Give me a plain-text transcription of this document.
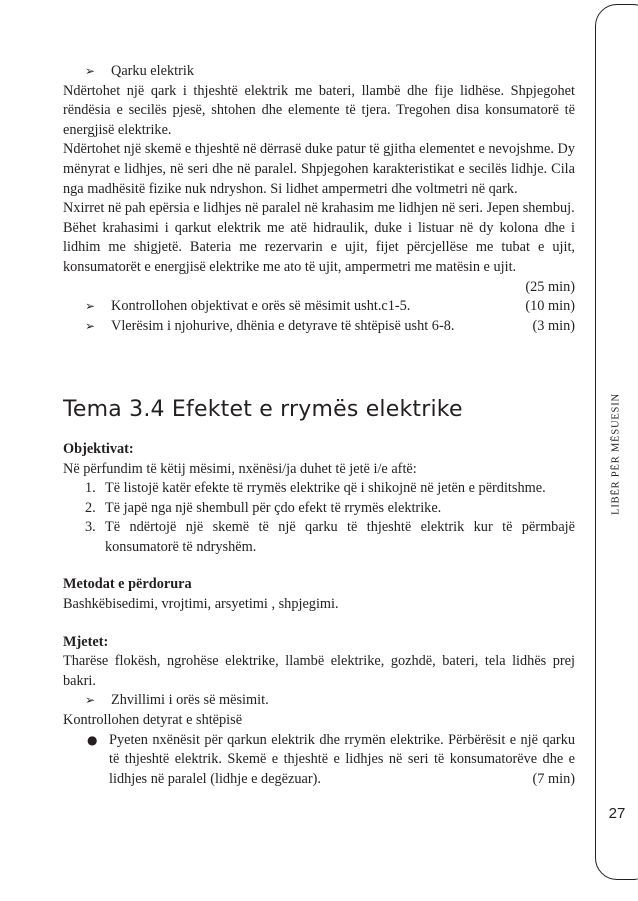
LIBËR PËR MËSUESIN
27
➢	Qarku elektrik
Ndërtohet një qark i thjeshtë elektrik me bateri, llambë dhe fije lidhëse. Shpjegohet rëndësia e secilës pjesë, shtohen dhe elemente të tjera. Tregohen disa konsumatorë të energjisë elektrike.
Ndërtohet një skemë e thjeshtë në dërrasë duke patur të gjitha elementet e nevojshme. Dy mënyrat e lidhjes, në seri dhe në paralel. Shpjegohen karakteristikat e secilës lidhje. Cila nga madhësitë fizike nuk ndryshon. Si lidhet ampermetri dhe voltmetri në qark.
Nxirret në pah epërsia e lidhjes në paralel në krahasim me lidhjen në seri. Jepen shembuj.
Bëhet krahasimi i qarkut elektrik me atë hidraulik, duke i listuar në dy kolona dhe i lidhim me shigjetë. Bateria me rezervarin e ujit, fijet përcjellëse me tubat e ujit, konsumatorët e energjisë elektrike me ato të ujit, ampermetri me matësin e ujit.
(25 min)
➢	Kontrollohen objektivat e orës së mësimit usht.c1-5.	(10 min)
➢	Vlerësim i njohurive, dhënia e detyrave të shtëpisë usht 6-8.	(3 min)
Tema 3.4 Efektet e rrymës elektrike
Objektivat:
Në përfundim të këtij mësimi, nxënësi/ja duhet të jetë i/e aftë:
1. Të listojë katër efekte të rrymës elektrike që i shikojnë në jetën e përditshme.
2. Të japë nga një shembull për çdo efekt të rrymës elektrike.
3. Të ndërtojë një skemë të një qarku të thjeshtë elektrik kur të përmbajë konsumatorë të ndryshëm.
Metodat e përdorura
Bashkëbisedimi, vrojtimi, arsyetimi , shpjegimi.
Mjetet:
Tharëse flokësh, ngrohëse elektrike, llambë elektrike, gozhdë, bateri, tela lidhës prej bakri.
➢	Zhvillimi i orës së mësimit.
Kontrollohen detyrat e shtëpisë
● Pyeten nxënësit për qarkun elektrik dhe rrymën elektrike. Përbërësit e një qarku të thjeshtë elektrik. Skemë e thjeshtë e lidhjes në seri të konsumatorëve dhe e lidhjes në paralel (lidhje e degëzuar).	(7 min)
